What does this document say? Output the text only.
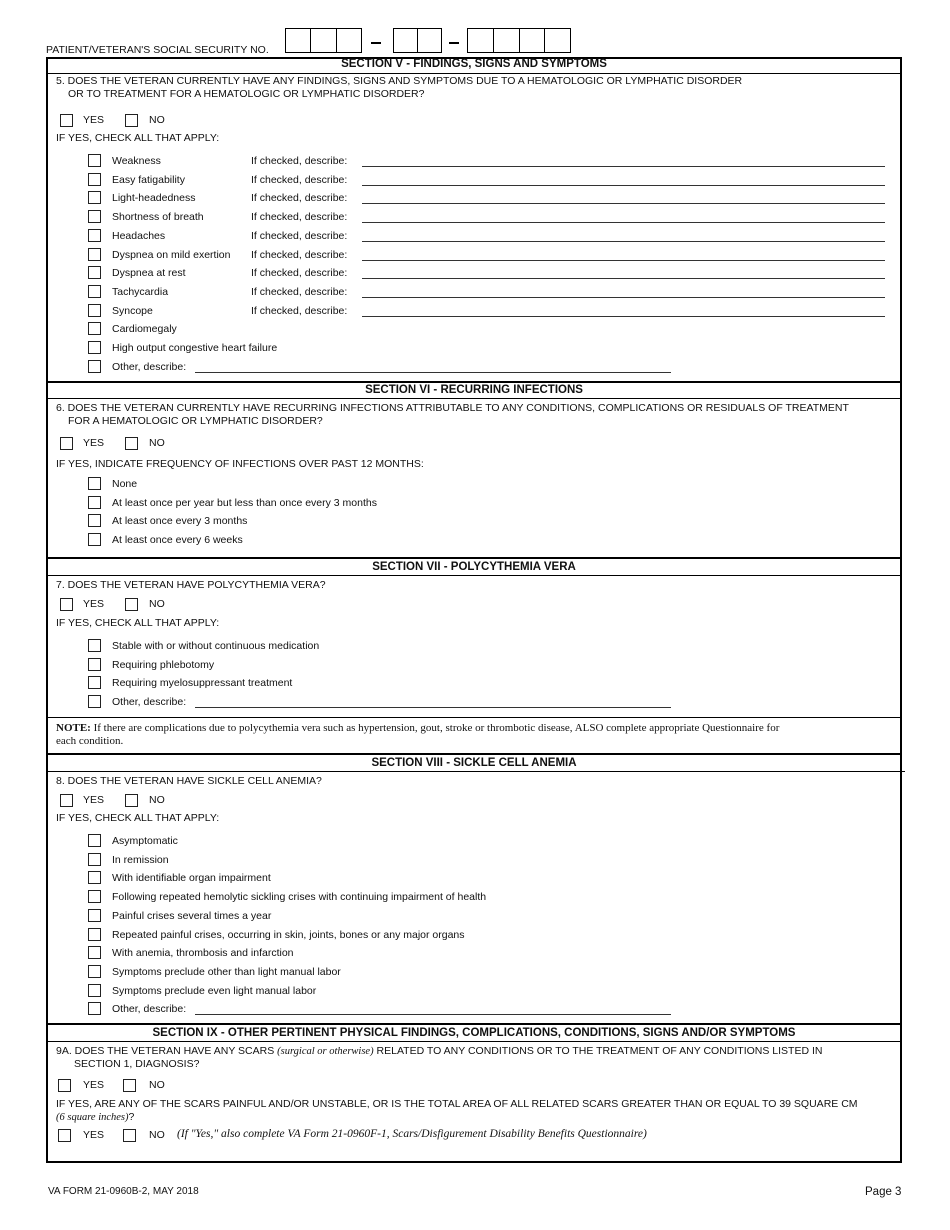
PATIENT/VETERAN'S SOCIAL SECURITY NO.
SECTION V - FINDINGS, SIGNS AND SYMPTOMS
5. DOES THE VETERAN CURRENTLY HAVE ANY FINDINGS, SIGNS AND SYMPTOMS DUE TO A HEMATOLOGIC OR LYMPHATIC DISORDER
OR TO TREATMENT FOR A HEMATOLOGIC OR LYMPHATIC DISORDER?
YES	NO
IF YES, CHECK ALL THAT APPLY:
Weakness	If checked, describe:
Easy fatigability	If checked, describe:
Light-headedness	If checked, describe:
Shortness of breath	If checked, describe:
Headaches	If checked, describe:
Dyspnea on mild exertion If checked, describe:
Dyspnea at rest	If checked, describe:
Tachycardia	If checked, describe:
Syncope	If checked, describe:
Cardiomegaly
High output congestive heart failure
Other, describe:
SECTION VI - RECURRING INFECTIONS
6. DOES THE VETERAN CURRENTLY HAVE RECURRING INFECTIONS ATTRIBUTABLE TO ANY CONDITIONS, COMPLICATIONS OR RESIDUALS OF TREATMENT
FOR A HEMATOLOGIC OR LYMPHATIC DISORDER?
YES	NO
IF YES, INDICATE FREQUENCY OF INFECTIONS OVER PAST 12 MONTHS:
None
At least once per year but less than once every 3 months
At least once every 3 months
At least once every 6 weeks
SECTION VII - POLYCYTHEMIA VERA
7. DOES THE VETERAN HAVE POLYCYTHEMIA VERA?
YES	NO
IF YES, CHECK ALL THAT APPLY:
Stable with or without continuous medication
Requiring phlebotomy
Requiring myelosuppressant treatment
Other, describe:
NOTE: If there are complications due to polycythemia vera such as hypertension, gout, stroke or thrombotic disease, ALSO complete appropriate Questionnaire for
each condition.
SECTION VIII - SICKLE CELL ANEMIA
8. DOES THE VETERAN HAVE SICKLE CELL ANEMIA?
YES	NO
IF YES, CHECK ALL THAT APPLY:
Asymptomatic
In remission
With identifiable organ impairment
Following repeated hemolytic sickling crises with continuing impairment of health
Painful crises several times a year
Repeated painful crises, occurring in skin, joints, bones or any major organs
With anemia, thrombosis and infarction
Symptoms preclude other than light manual labor
Symptoms preclude even light manual labor
Other, describe:
SECTION IX - OTHER PERTINENT PHYSICAL FINDINGS, COMPLICATIONS, CONDITIONS, SIGNS AND/OR SYMPTOMS
9A. DOES THE VETERAN HAVE ANY SCARS (surgical or otherwise) RELATED TO ANY CONDITIONS OR TO THE TREATMENT OF ANY CONDITIONS LISTED IN
SECTION 1, DIAGNOSIS?
YES	NO
IF YES, ARE ANY OF THE SCARS PAINFUL AND/OR UNSTABLE, OR IS THE TOTAL AREA OF ALL RELATED SCARS GREATER THAN OR EQUAL TO 39 SQUARE CM
(6 square inches)?
YES	NO (If "Yes," also complete VA Form 21-0960F-1, Scars/Disfigurement Disability Benefits Questionnaire)
VA FORM 21-0960B-2, MAY 2018	Page 3
